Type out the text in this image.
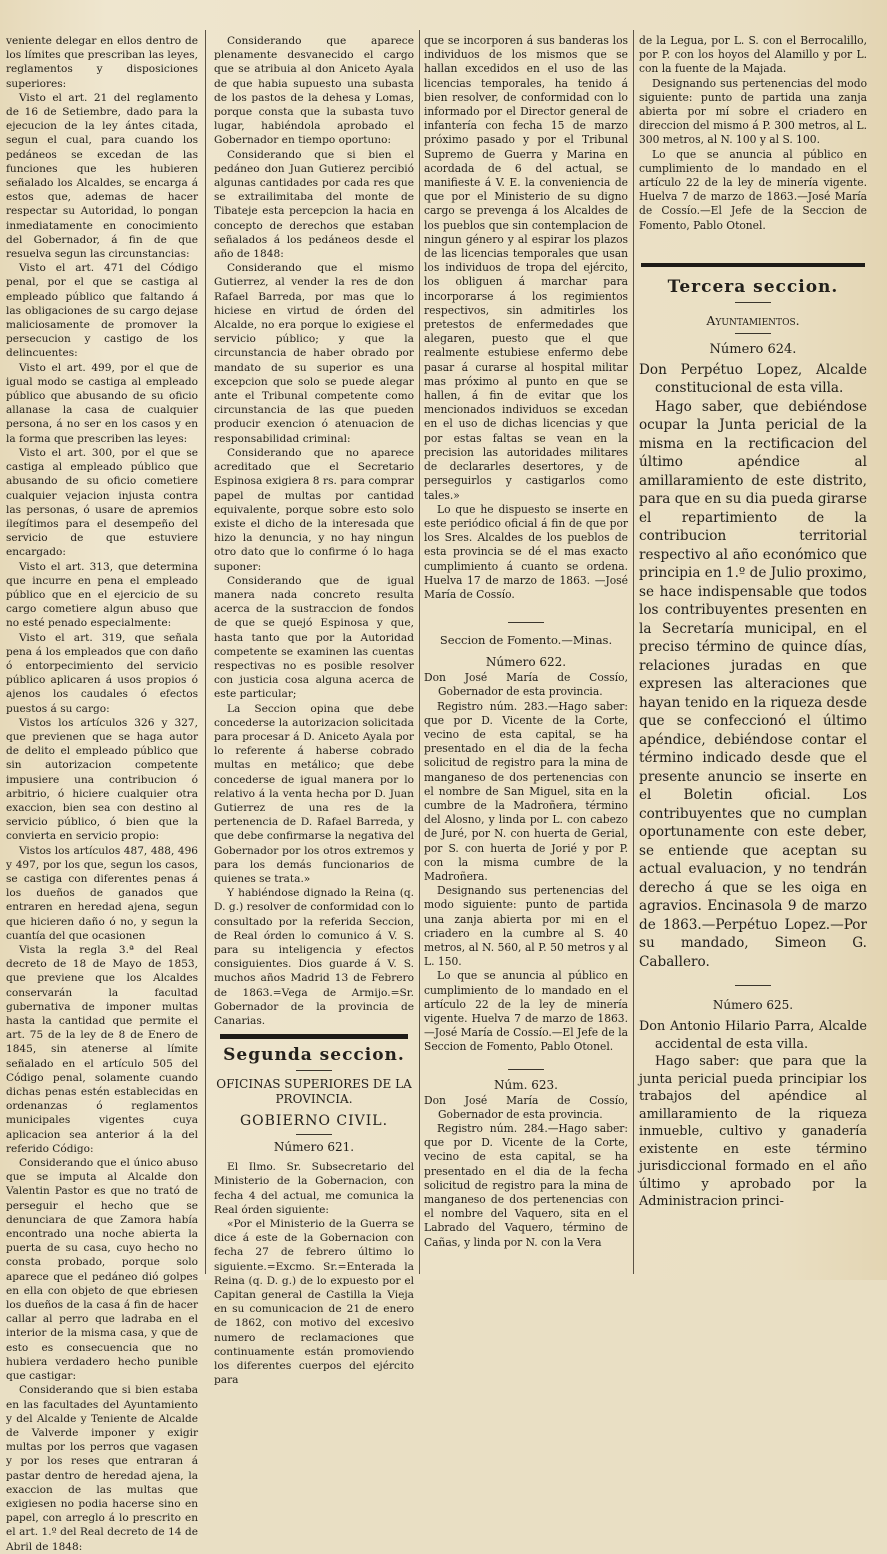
veniente delegar en ellos dentro de los límites que prescriban las leyes, reglamentos y disposiciones superiores:

Visto el art. 21 del reglamento de 16 de Setiembre, dado para la ejecucion de la ley ántes citada, segun el cual, para cuando los pedáneos se excedan de las funciones que les hubieren señalado los Alcaldes, se encarga á estos que, ademas de hacer respectar su Autoridad, lo pongan inmediatamente en conocimiento del Gobernador, á fin de que resuelva segun las circunstancias:

Visto el art. 471 del Código penal, por el que se castiga al empleado público que faltando á las obligaciones de su cargo dejase maliciosamente de promover la persecucion y castigo de los delincuentes:

Visto el art. 499, por el que de igual modo se castiga al empleado público que abusando de su oficio allanase la casa de cualquier persona, á no ser en los casos y en la forma que prescriben las leyes:

Visto el art. 300, por el que se castiga al empleado público que abusando de su oficio cometiere cualquier vejacion injusta contra las personas, ó usare de apremios ilegítimos para el desempeño del servicio de que estuviere encargado:

Visto el art. 313, que determina que incurre en pena el empleado público que en el ejercicio de su cargo cometiere algun abuso que no esté penado especialmente:

Visto el art. 319, que señala pena á los empleados que con daño ó entorpecimiento del servicio público aplicaren á usos propios ó ajenos los caudales ó efectos puestos á su cargo:

Vistos los artículos 326 y 327, que previenen que se haga autor de delito el empleado público que sin autorizacion competente impusiere una contribucion ó arbitrio, ó hiciere cualquier otra exaccion, bien sea con destino al servicio público, ó bien que la convierta en servicio propio:

Vistos los artículos 487, 488, 496 y 497, por los que, segun los casos, se castiga con diferentes penas á los dueños de ganados que entraren en heredad ajena, segun que hicieren daño ó no, y segun la cuantía del que ocasionen

Vista la regla 3.ª del Real decreto de 18 de Mayo de 1853, que previene que los Alcaldes conservarán la facultad gubernativa de imponer multas hasta la cantidad que permite el art. 75 de la ley de 8 de Enero de 1845, sin atenerse al límite señalado en el artículo 505 del Código penal, solamente cuando dichas penas estén establecidas en ordenanzas ó reglamentos municipales vigentes cuya aplicacion sea anterior á la del referido Código:

Considerando que el único abuso que se imputa al Alcalde don Valentin Pastor es que no trató de perseguir el hecho que se denunciara de que Zamora había encontrado una noche abierta la puerta de su casa, cuyo hecho no consta probado, porque solo aparece que el pedáneo dió golpes en ella con objeto de que ebriesen los dueños de la casa á fin de hacer callar al perro que ladraba en el interior de la misma casa, y que de esto es consecuencia que no hubiera verdadero hecho punible que castigar:

Considerando que si bien estaba en las facultades del Ayuntamiento y del Alcalde y Teniente de Alcalde de Valverde imponer y exigir multas por los perros que vagasen y por los reses que entraran á pastar dentro de heredad ajena, la exaccion de las multas que exigiesen no podia hacerse sino en papel, con arreglo á lo prescrito en el art. 1.º del Real decreto de 14 de Abril de 1848:

Considerando que aparece plenamente desvanecido el cargo que se atribuia al don Aniceto Ayala de que habia supuesto una subasta de los pastos de la dehesa y Lomas, porque consta que la subasta tuvo lugar, habiéndola aprobado el Gobernador en tiempo oportuno:

Considerando que si bien el pedáneo don Juan Gutierez percibió algunas cantidades por cada res que se extrailimitaba del monte de Tibateje esta percepcion la hacia en concepto de derechos que estaban señalados á los pedáneos desde el año de 1848:

Considerando que el mismo Gutierrez, al vender la res de don Rafael Barreda, por mas que lo hiciese en virtud de órden del Alcalde, no era porque lo exigiese el servicio público; y que la circunstancia de haber obrado por mandato de su superior es una excepcion que solo se puede alegar ante el Tribunal competente como circunstancia de las que pueden producir exencion ó atenuacion de responsabilidad criminal:

Considerando que no aparece acreditado que el Secretario Espinosa exigiera 8 rs. para comprar papel de multas por cantidad equivalente, porque sobre esto solo existe el dicho de la interesada que hizo la denuncia, y no hay ningun otro dato que lo confirme ó lo haga suponer:

Considerando que de igual manera nada concreto resulta acerca de la sustraccion de fondos de que se quejó Espinosa y que, hasta tanto que por la Autoridad competente se examinen las cuentas respectivas no es posible resolver con justicia cosa alguna acerca de este particular;

La Seccion opina que debe concederse la autorizacion solicitada para procesar á D. Aniceto Ayala por lo referente á haberse cobrado multas en metálico; que debe concederse de igual manera por lo relativo á la venta hecha por D. Juan Gutierrez de una res de la pertenencia de D. Rafael Barreda, y que debe confirmarse la negativa del Gobernador por los otros extremos y para los demás funcionarios de quienes se trata.»

Y habiéndose dignado la Reina (q. D. g.) resolver de conformidad con lo consultado por la referida Seccion, de Real órden lo comunico á V. S. para su inteligencia y efectos consiguientes. Dios guarde á V. S. muchos años Madrid 13 de Febrero de 1863.=Vega de Armijo.=Sr. Gobernador de la provincia de Canarias.

Segunda seccion.
OFICINAS SUPERIORES DE LA PROVINCIA.
GOBIERNO CIVIL.
Número 621.

El Ilmo. Sr. Subsecretario del Ministerio de la Gobernacion, con fecha 4 del actual, me comunica la Real órden siguiente:

«Por el Ministerio de la Guerra se dice á este de la Gobernacion con fecha 27 de febrero último lo siguiente.=Excmo. Sr.=Enterada la Reina (q. D. g.) de lo expuesto por el Capitan general de Castilla la Vieja en su comunicacion de 21 de enero de 1862, con motivo del excesivo numero de reclamaciones que continuamente están promoviendo los diferentes cuerpos del ejército para

que se incorporen á sus banderas los individuos de los mismos que se hallan excedidos en el uso de las licencias temporales, ha tenido á bien resolver, de conformidad con lo informado por el Director general de infantería con fecha 15 de marzo próximo pasado y por el Tribunal Supremo de Guerra y Marina en acordada de 6 del actual, se manifieste á V. E. la conveniencia de que por el Ministerio de su digno cargo se prevenga á los Alcaldes de los pueblos que sin contemplacion de ningun género y al espirar los plazos de las licencias temporales que usan los individuos de tropa del ejército, los obliguen á marchar para incorporarse á los regimientos respectivos, sin admitirles los pretestos de enfermedades que alegaren, puesto que el que realmente estubiese enfermo debe pasar á curarse al hospital militar mas próximo al punto en que se hallen, á fin de evitar que los mencionados individuos se excedan en el uso de dichas licencias y que por estas faltas se vean en la precision las autoridades militares de declararles desertores, y de perseguirlos y castigarlos como tales.»

Lo que he dispuesto se inserte en este periódico oficial á fin de que por los Sres. Alcaldes de los pueblos de esta provincia se dé el mas exacto cumplimiento á cuanto se ordena. Huelva 17 de marzo de 1863. —José María de Cossío.

Seccion de Fomento.—Minas.
Número 622.

Don José María de Cossío, Gobernador de esta provincia.

Registro núm. 283.—Hago saber: que por D. Vicente de la Corte, vecino de esta capital, se ha presentado en el dia de la fecha solicitud de registro para la mina de manganeso de dos pertenencias con el nombre de San Miguel, sita en la cumbre de la Madroñera, término del Alosno, y linda por L. con cabezo de Juré, por N. con huerta de Gerial, por S. con huerta de Jorié y por P. con la misma cumbre de la Madroñera.

Designando sus pertenencias del modo siguiente: punto de partida una zanja abierta por mi en el criadero en la cumbre al S. 40 metros, al N. 560, al P. 50 metros y al L. 150.

Lo que se anuncia al público en cumplimiento de lo mandado en el artículo 22 de la ley de minería vigente. Huelva 7 de marzo de 1863.—José María de Cossío.—El Jefe de la Seccion de Fomento, Pablo Otonel.

Núm. 623.

Don José María de Cossío, Gobernador de esta provincia.

Registro núm. 284.—Hago saber: que por D. Vicente de la Corte, vecino de esta capital, se ha presentado en el dia de la fecha solicitud de registro para la mina de manganeso de dos pertenencias con el nombre del Vaquero, sita en el Labrado del Vaquero, término de Cañas, y linda por N. con la Vera

de la Legua, por L. S. con el Berrocalillo, por P. con los hoyos del Alamillo y por L. con la fuente de la Majada.

Designando sus pertenencias del modo siguiente: punto de partida una zanja abierta por mí sobre el criadero en direccion del mismo á P. 300 metros, al L. 300 metros, al N. 100 y al S. 100.

Lo que se anuncia al público en cumplimiento de lo mandado en el artículo 22 de la ley de minería vigente. Huelva 7 de marzo de 1863.—José María de Cossío.—El Jefe de la Seccion de Fomento, Pablo Otonel.

Tercera seccion.
Ayuntamientos.
Número 624.

Don Perpétuo Lopez, Alcalde constitucional de esta villa.

Hago saber, que debiéndose ocupar la Junta pericial de la misma en la rectificacion del último apéndice al amillaramiento de este distrito, para que en su dia pueda girarse el repartimiento de la contribucion territorial respectivo al año económico que principia en 1.º de Julio proximo, se hace indispensable que todos los contribuyentes presenten en la Secretaría municipal, en el preciso término de quince días, relaciones juradas en que expresen las alteraciones que hayan tenido en la riqueza desde que se confeccionó el último apéndice, debiéndose contar el término indicado desde que el presente anuncio se inserte en el Boletin oficial. Los contribuyentes que no cumplan oportunamente con este deber, se entiende que aceptan su actual evaluacion, y no tendrán derecho á que se les oiga en agravios. Encinasola 9 de marzo de 1863.—Perpétuo Lopez.—Por su mandado, Simeon G. Caballero.

Número 625.

Don Antonio Hilario Parra, Alcalde accidental de esta villa.

Hago saber: que para que la junta pericial pueda principiar los trabajos del apéndice al amillaramiento de la riqueza inmueble, cultivo y ganadería existente en este término jurisdiccional formado en el año último y aprobado por la Administracion princi-
